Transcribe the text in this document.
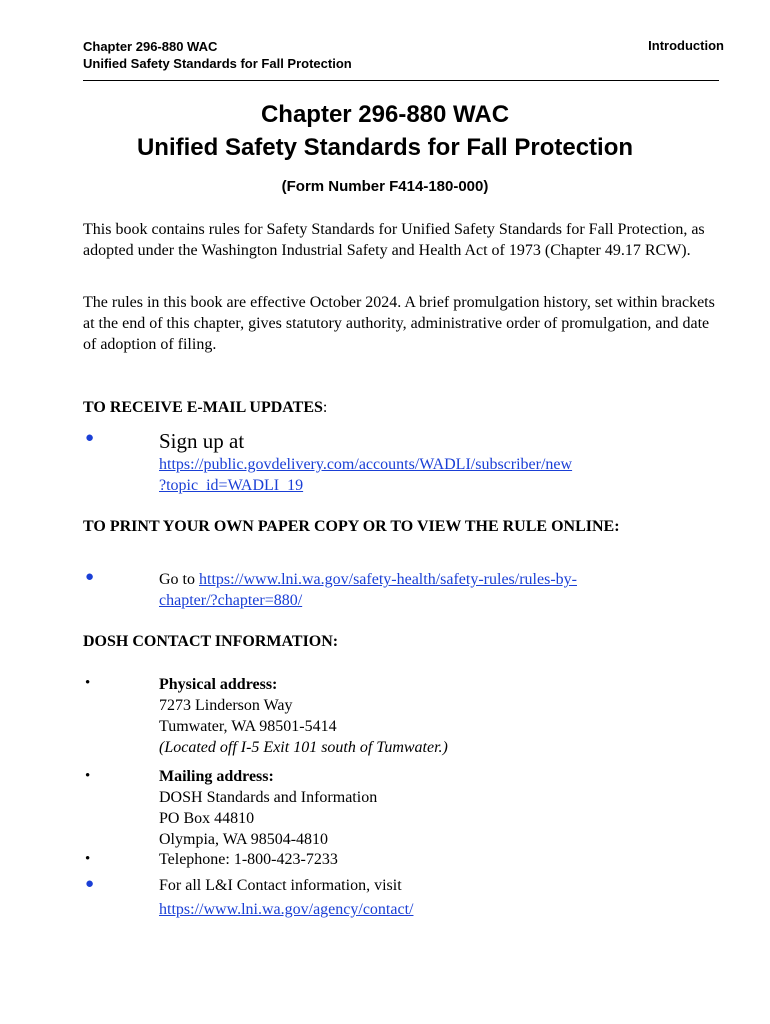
Chapter 296-880 WAC
Unified Safety Standards for Fall Protection
Introduction
Chapter 296-880 WAC
Unified Safety Standards for Fall Protection
(Form Number F414-180-000)
This book contains rules for Safety Standards for Unified Safety Standards for Fall Protection, as adopted under the Washington Industrial Safety and Health Act of 1973 (Chapter 49.17 RCW).
The rules in this book are effective October 2024. A brief promulgation history, set within brackets at the end of this chapter, gives statutory authority, administrative order of promulgation, and date of adoption of filing.
TO RECEIVE E-MAIL UPDATES:
●	Sign up at
https://public.govdelivery.com/accounts/WADLI/subscriber/new
?topic_id=WADLI_19
TO PRINT YOUR OWN PAPER COPY OR TO VIEW THE RULE ONLINE:
●	Go to https://www.lni.wa.gov/safety-health/safety-rules/rules-by-
chapter/?chapter=880/
DOSH CONTACT INFORMATION:
•	Physical address:
7273 Linderson Way
Tumwater, WA 98501-5414
(Located off I-5 Exit 101 south of Tumwater.)
•	Mailing address:
DOSH Standards and Information
PO Box 44810
Olympia, WA 98504-4810
•	Telephone: 1-800-423-7233
●	For all L&I Contact information, visit
https://www.lni.wa.gov/agency/contact/
